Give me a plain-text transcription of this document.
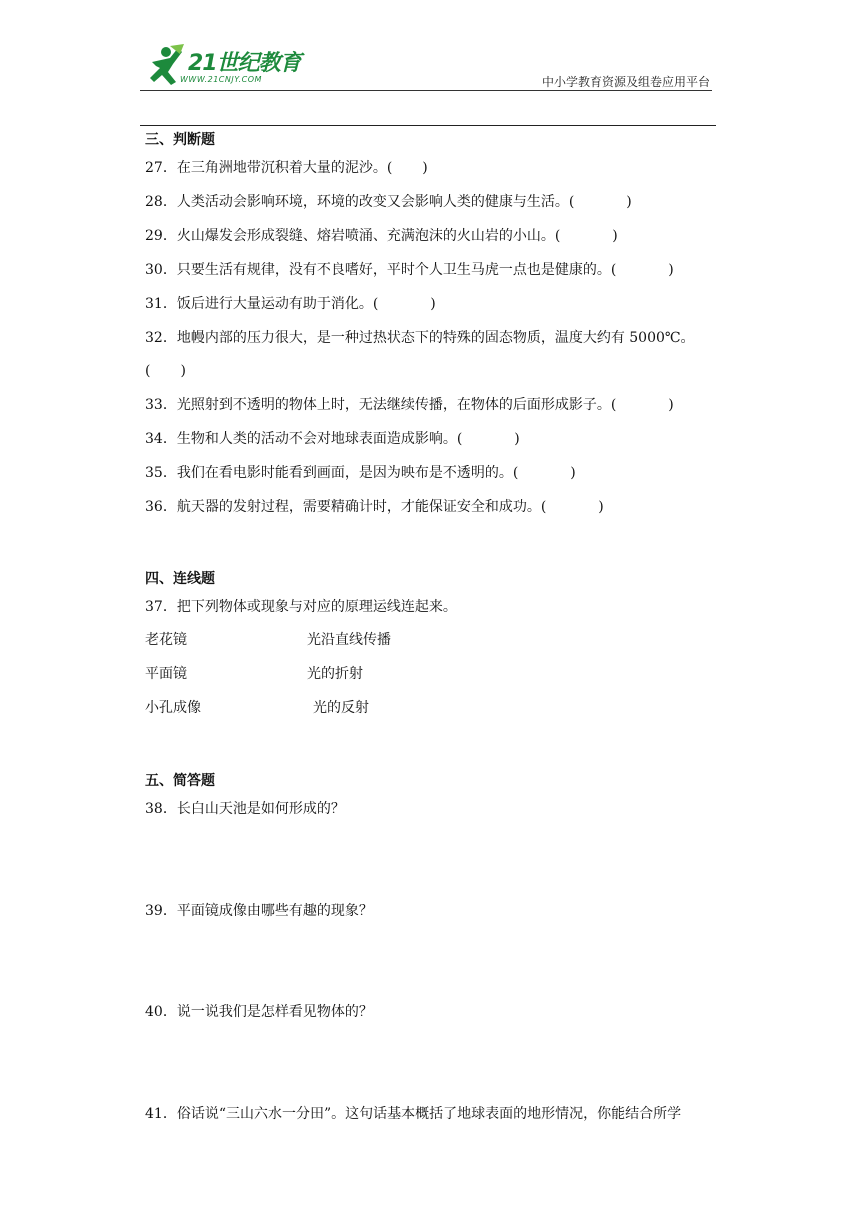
21世纪教育
WWW.21CNJY.COM	中小学教育资源及组卷应用平台
三、判断题
27．在三角洲地带沉积着大量的泥沙。( )
28．人类活动会影响环境，环境的改变又会影响人类的健康与生活。(	)
29．火山爆发会形成裂缝、熔岩喷涌、充满泡沫的火山岩的小山。(	)
30．只要生活有规律，没有不良嗜好，平时个人卫生马虎一点也是健康的。(	)
31．饭后进行大量运动有助于消化。(	)
32．地幔内部的压力很大，是一种过热状态下的特殊的固态物质，温度大约有 5000℃。
( )
33．光照射到不透明的物体上时，无法继续传播，在物体的后面形成影子。(	)
34．生物和人类的活动不会对地球表面造成影响。(	)
35．我们在看电影时能看到画面，是因为映布是不透明的。(	)
36．航天器的发射过程，需要精确计时，才能保证安全和成功。(	)
四、连线题
37．把下列物体或现象与对应的原理运线连起来。
老花镜	光沿直线传播
平面镜	光的折射
小孔成像	光的反射
五、简答题
38．长白山天池是如何形成的？
39．平面镜成像由哪些有趣的现象？
40．说一说我们是怎样看见物体的？
41．俗话说“三山六水一分田”。这句话基本概括了地球表面的地形情况，你能结合所学
